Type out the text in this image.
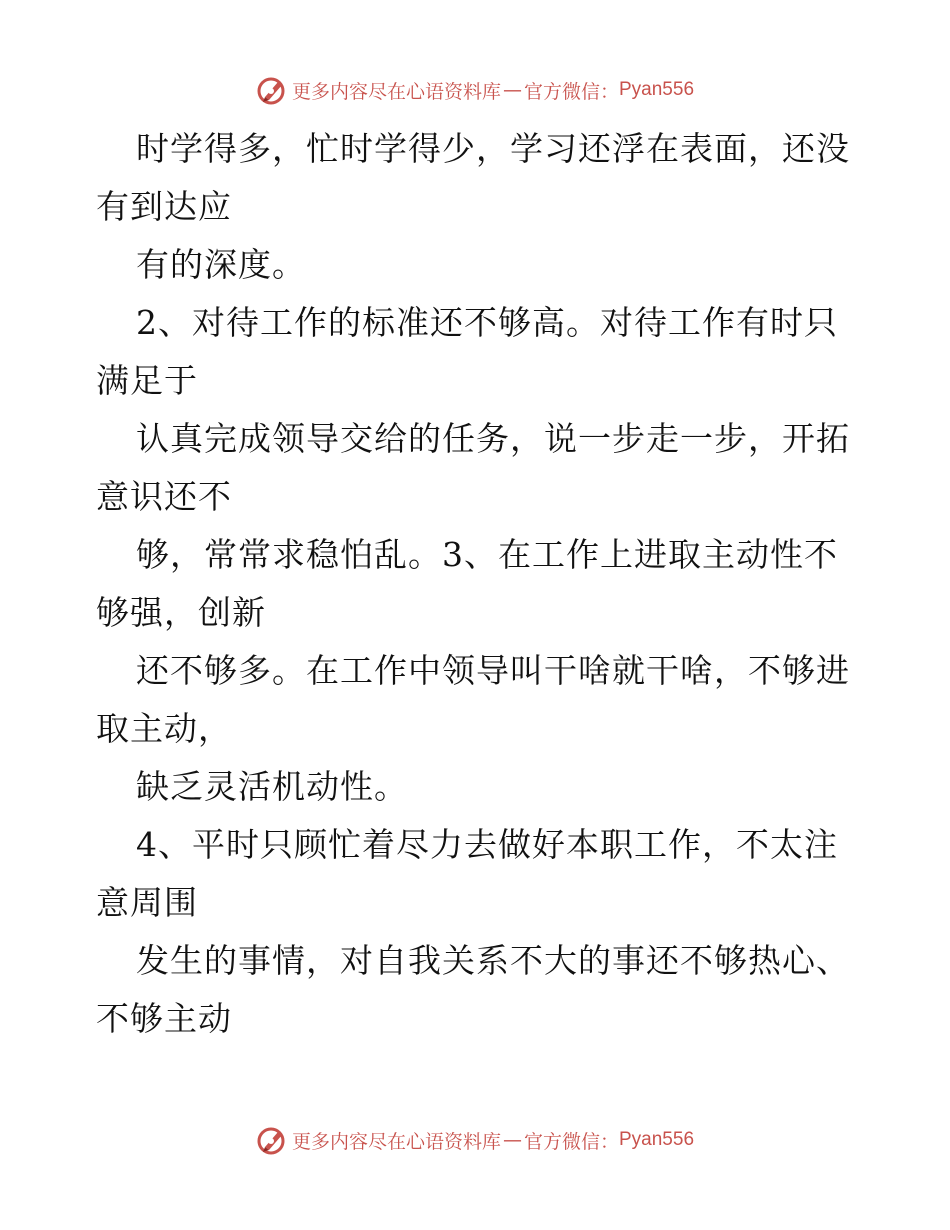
更多内容尽在心语资料库 — 官方微信： Pyan556
时学得多，忙时学得少，学习还浮在表面，还没
有到达应
有的深度。
2、对待工作的标准还不够高。对待工作有时只
满足于
认真完成领导交给的任务，说一步走一步，开拓
意识还不
够，常常求稳怕乱。3、在工作上进取主动性不
够强，创新
还不够多。在工作中领导叫干啥就干啥，不够进
取主动，
缺乏灵活机动性。
4、平时只顾忙着尽力去做好本职工作，不太注
意周围
发生的事情，对自我关系不大的事还不够热心、
不够主动
更多内容尽在心语资料库 — 官方微信： Pyan556
